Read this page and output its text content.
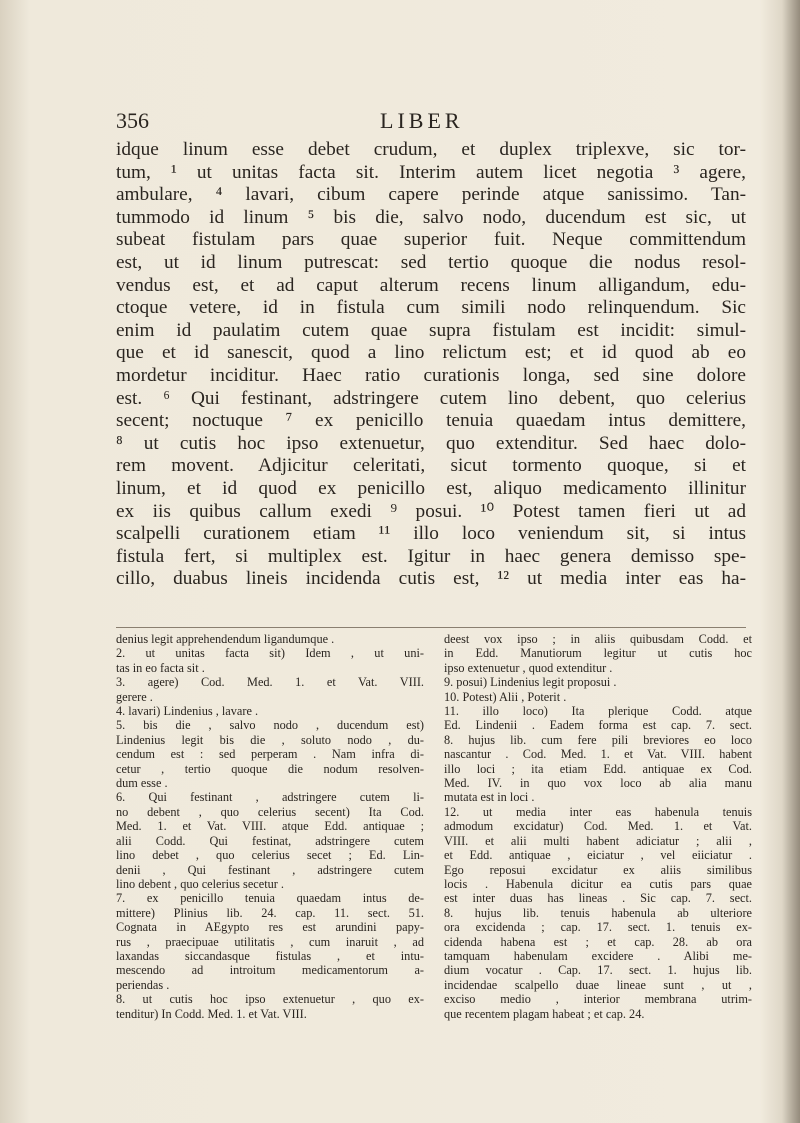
356	LIBER
idque linum esse debet crudum, et duplex triplexve, sic tor-
tum, ¹ ut unitas facta sit. Interim autem licet negotia ³ agere,
ambulare, ⁴ lavari, cibum capere perinde atque sanissimo. Tan-
tummodo id linum ⁵ bis die, salvo nodo, ducendum est sic, ut
subeat fistulam pars quae superior fuit. Neque committendum
est, ut id linum putrescat: sed tertio quoque die nodus resol-
vendus est, et ad caput alterum recens linum alligandum, edu-
ctoque vetere, id in fistula cum simili nodo relinquendum. Sic
enim id paulatim cutem quae supra fistulam est incidit: simul-
que et id sanescit, quod a lino relictum est; et id quod ab eo
mordetur inciditur. Haec ratio curationis longa, sed sine dolore
est. ⁶ Qui festinant, adstringere cutem lino debent, quo celerius
secent; noctuque ⁷ ex penicillo tenuia quaedam intus demittere,
⁸ ut cutis hoc ipso extenuetur, quo extenditur. Sed haec dolo-
rem movent. Adjicitur celeritati, sicut tormento quoque, si et
linum, et id quod ex penicillo est, aliquo medicamento illinitur
ex iis quibus callum exedi ⁹ posui. ¹⁰ Potest tamen fieri ut ad
scalpelli curationem etiam ¹¹ illo loco veniendum sit, si intus
fistula fert, si multiplex est. Igitur in haec genera demisso spe-
cillo, duabus lineis incidenda cutis est, ¹² ut media inter eas ha-
denius legit apprehendendum ligandumque .
2. ut unitas facta sit) Idem , ut uni-
tas in eo facta sit .
3. agere) Cod. Med. 1. et Vat. VIII.
gerere .
4. lavari) Lindenius , lavare .
5. bis die , salvo nodo , ducendum est)
Lindenius legit bis die , soluto nodo , du-
cendum est : sed perperam . Nam infra di-
cetur , tertio quoque die nodum resolven-
dum esse .
6. Qui festinant , adstringere cutem li-
no debent , quo celerius secent) Ita Cod.
Med. 1. et Vat. VIII. atque Edd. antiquae ;
alii Codd. Qui festinat, adstringere cutem
lino debet , quo celerius secet ; Ed. Lin-
denii , Qui festinant , adstringere cutem
lino debent , quo celerius secetur .
7. ex penicillo tenuia quaedam intus de-
mittere) Plinius lib. 24. cap. 11. sect. 51.
Cognata in AEgypto res est arundini papy-
rus , praecipuae utilitatis , cum inaruit , ad
laxandas siccandasque fistulas , et intu-
mescendo ad introitum medicamentorum a-
periendas .
8. ut cutis hoc ipso extenuetur , quo ex-
tenditur) In Codd. Med. 1. et Vat. VIII.
deest vox ipso ; in aliis quibusdam Codd. et
in Edd. Manutiorum legitur ut cutis hoc
ipso extenuetur , quod extenditur .
9. posui) Lindenius legit proposui .
10. Potest) Alii , Poterit .
11. illo loco) Ita plerique Codd. atque
Ed. Lindenii . Eadem forma est cap. 7. sect.
8. hujus lib. cum fere pili breviores eo loco
nascantur . Cod. Med. 1. et Vat. VIII. habent
illo loci ; ita etiam Edd. antiquae ex Cod.
Med. IV. in quo vox loco ab alia manu
mutata est in loci .
12. ut media inter eas habenula tenuis
admodum excidatur) Cod. Med. 1. et Vat.
VIII. et alii multi habent adiciatur ; alii ,
et Edd. antiquae , eiciatur , vel eiiciatur .
Ego reposui excidatur ex aliis similibus
locis . Habenula dicitur ea cutis pars quae
est inter duas has lineas . Sic cap. 7. sect.
8. hujus lib. tenuis habenula ab ulteriore
ora excidenda ; cap. 17. sect. 1. tenuis ex-
cidenda habena est ; et cap. 28. ab ora
tamquam habenulam excidere . Alibi me-
dium vocatur . Cap. 17. sect. 1. hujus lib.
incidendae scalpello duae lineae sunt , ut ,
exciso medio , interior membrana utrim-
que recentem plagam habeat ; et cap. 24.
